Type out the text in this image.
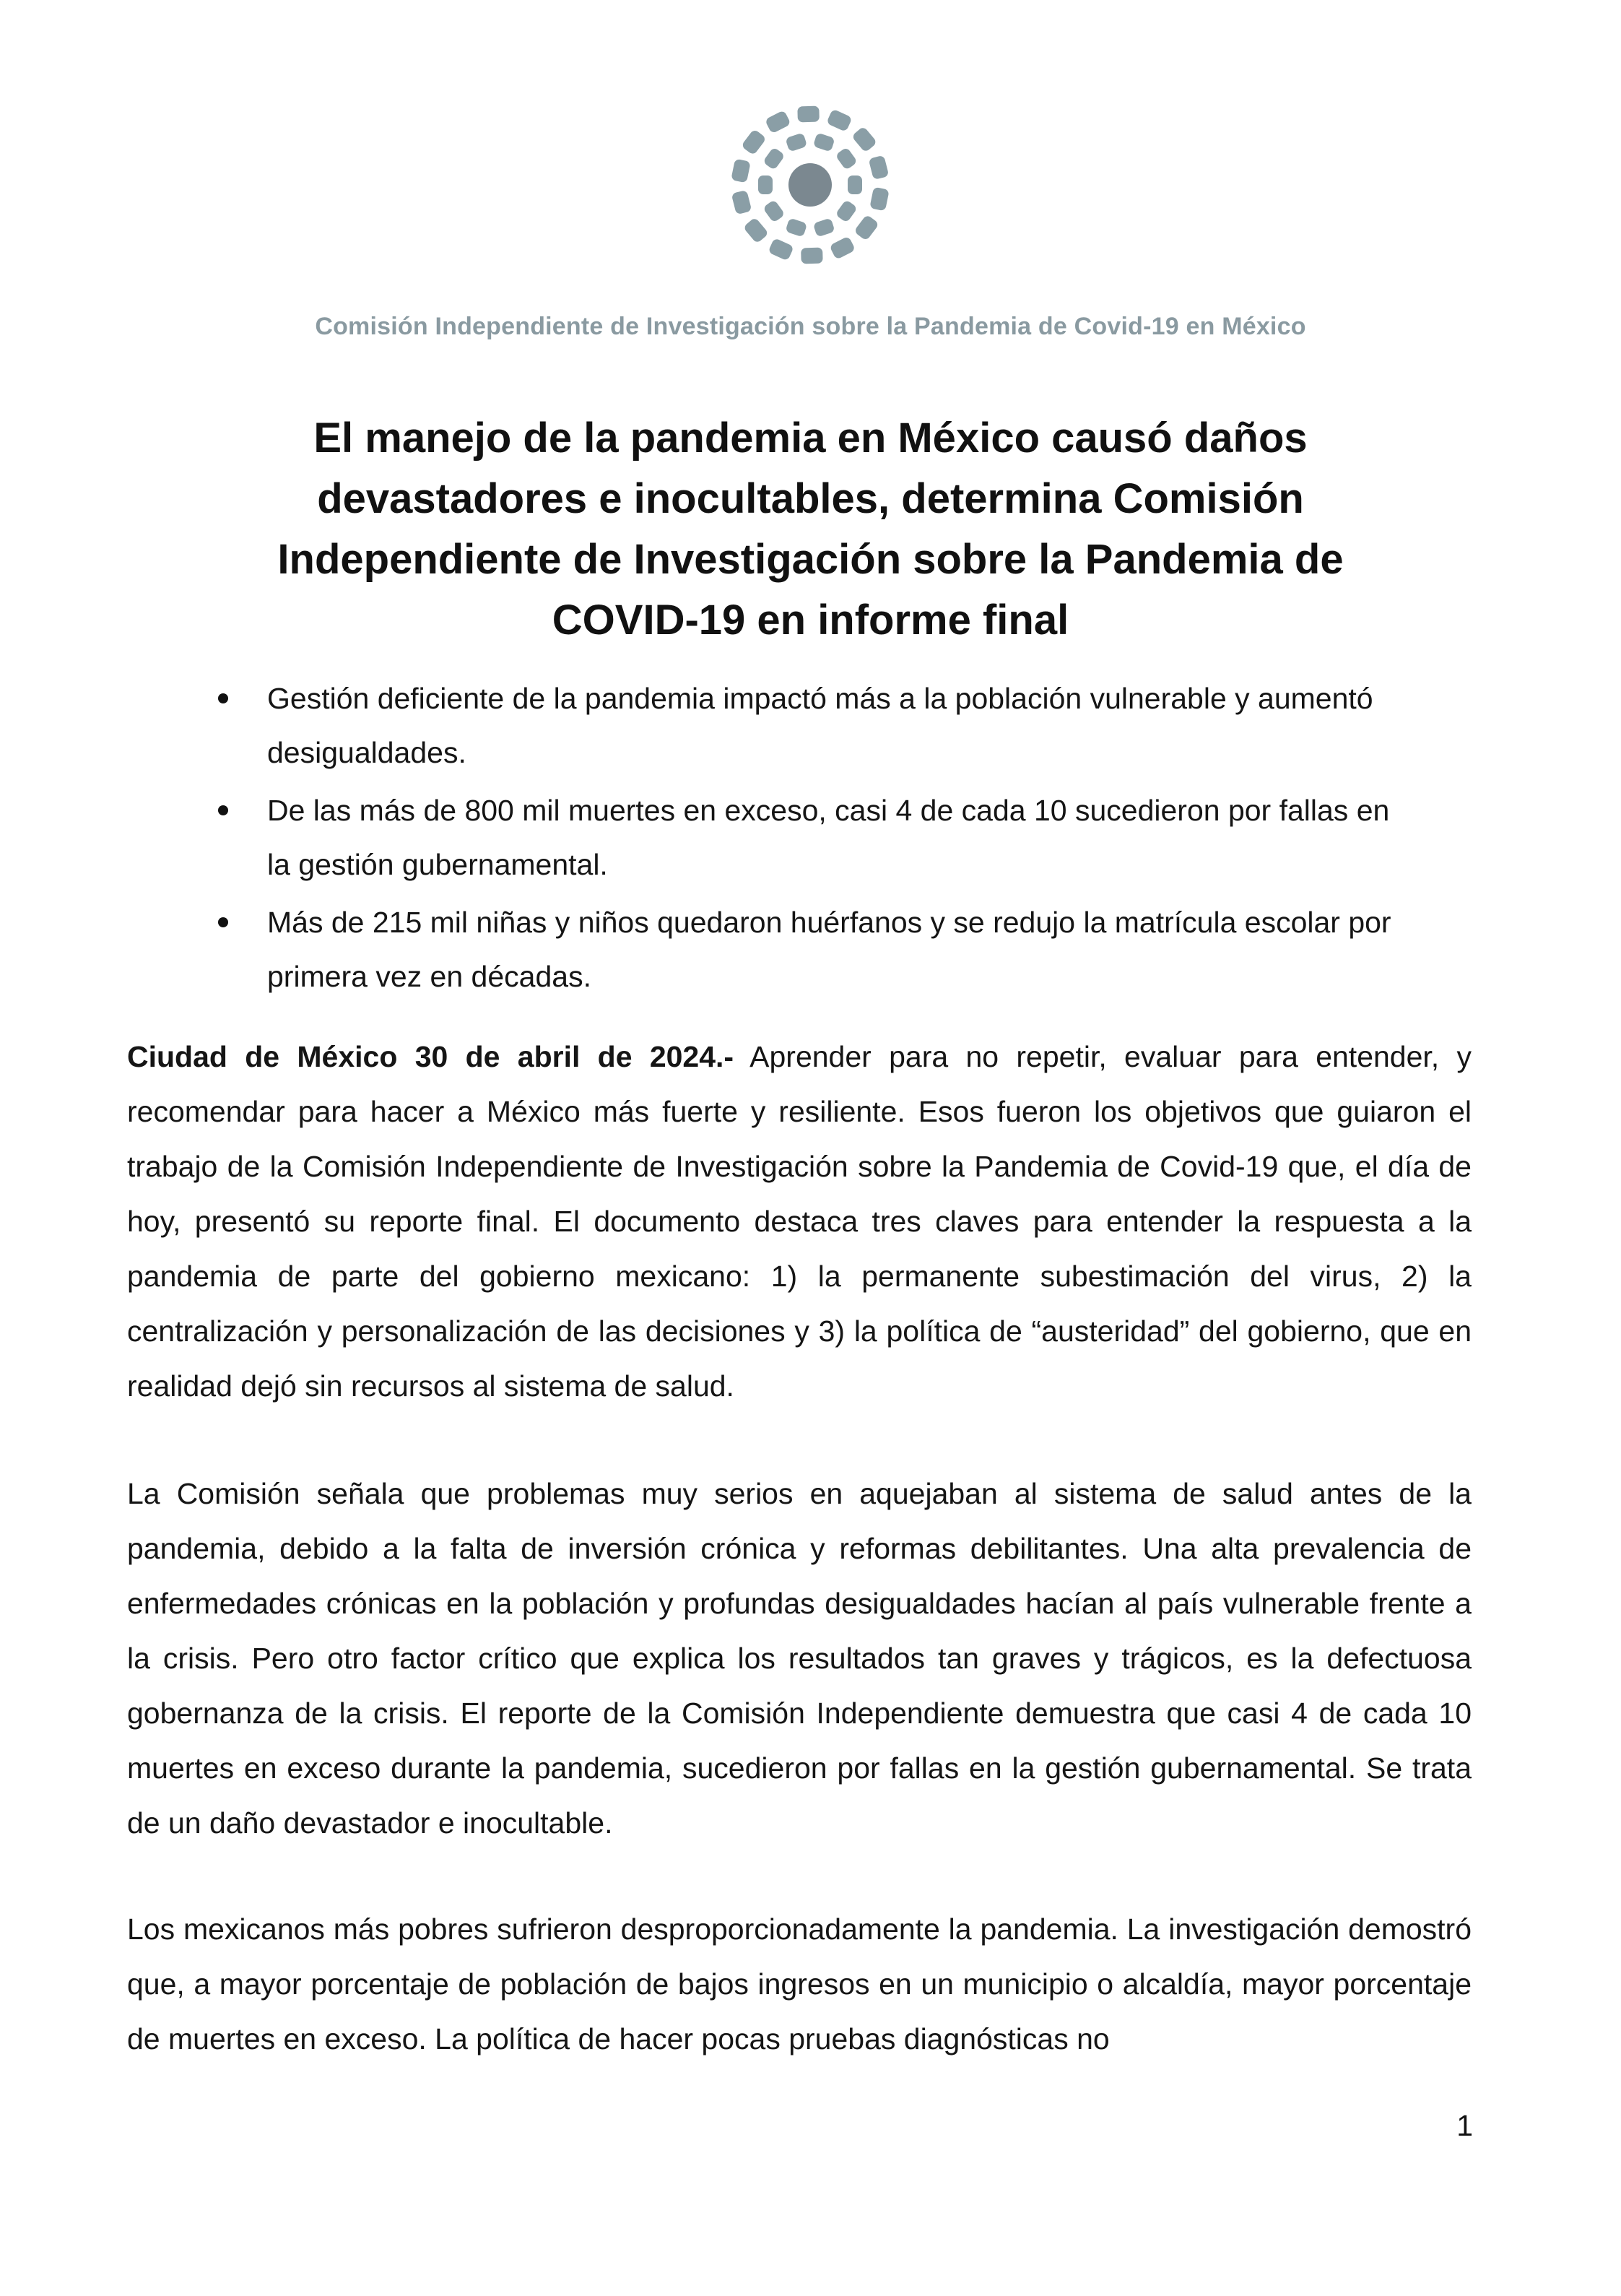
Comisión Independiente de Investigación sobre la Pandemia de Covid-19 en México
El manejo de la pandemia en México causó daños devastadores e inocultables, determina Comisión Independiente de Investigación sobre la Pandemia de COVID-19 en informe final
Gestión deficiente de la pandemia impactó más a la población vulnerable y aumentó desigualdades.
De las más de 800 mil muertes en exceso, casi 4 de cada 10 sucedieron por fallas en la gestión gubernamental.
Más de 215 mil niñas y niños quedaron huérfanos y se redujo la matrícula escolar por primera vez en décadas.

Ciudad de México 30 de abril de 2024.- Aprender para no repetir, evaluar para entender, y recomendar para hacer a México más fuerte y resiliente. Esos fueron los objetivos que guiaron el trabajo de la Comisión Independiente de Investigación sobre la Pandemia de Covid-19 que, el día de hoy, presentó su reporte final. El documento destaca tres claves para entender la respuesta a la pandemia de parte del gobierno mexicano: 1) la permanente subestimación del virus, 2) la centralización y personalización de las decisiones y 3) la política de “austeridad” del gobierno, que en realidad dejó sin recursos al sistema de salud.

La Comisión señala que problemas muy serios en aquejaban al sistema de salud antes de la pandemia, debido a la falta de inversión crónica y reformas debilitantes. Una alta prevalencia de enfermedades crónicas en la población y profundas desigualdades hacían al país vulnerable frente a la crisis. Pero otro factor crítico que explica los resultados tan graves y trágicos, es la defectuosa gobernanza de la crisis. El reporte de la Comisión Independiente demuestra que casi 4 de cada 10 muertes en exceso durante la pandemia, sucedieron por fallas en la gestión gubernamental. Se trata de un daño devastador e inocultable.

Los mexicanos más pobres sufrieron desproporcionadamente la pandemia. La investigación demostró que, a mayor porcentaje de población de bajos ingresos en un municipio o alcaldía, mayor porcentaje de muertes en exceso. La política de hacer pocas pruebas diagnósticas no

1
